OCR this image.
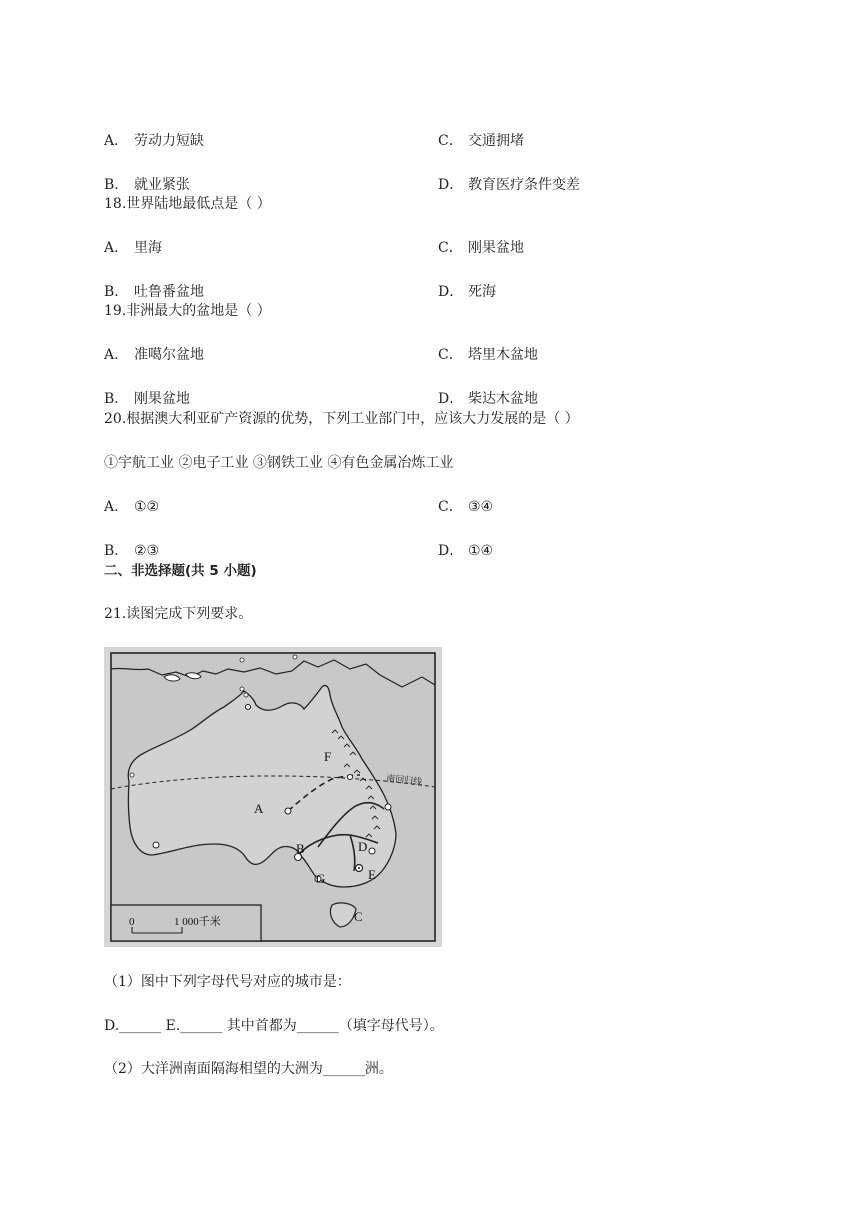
A． 劳动力短缺	C． 交通拥堵
B． 就业紧张	D． 教育医疗条件变差
18.世界陆地最低点是（ ）
A． 里海	C． 刚果盆地
B． 吐鲁番盆地	D． 死海
19.非洲最大的盆地是（ ）
A． 准噶尔盆地	C． 塔里木盆地
B． 刚果盆地	D． 柴达木盆地
20.根据澳大利亚矿产资源的优势，下列工业部门中，应该大力发展的是（ ）
①宇航工业 ②电子工业 ③钢铁工业 ④有色金属冶炼工业
A． ①②	C． ③④
B． ②③	D． ①④
二、非选择题(共 5 小题)
21.读图完成下列要求。
南回归线
A
B
C
D
E
F
G
0	1 000千米
（1）图中下列字母代号对应的城市是：
D.______ E.______ 其中首都为______（填字母代号）。
（2）大洋洲南面隔海相望的大洲为______洲。
